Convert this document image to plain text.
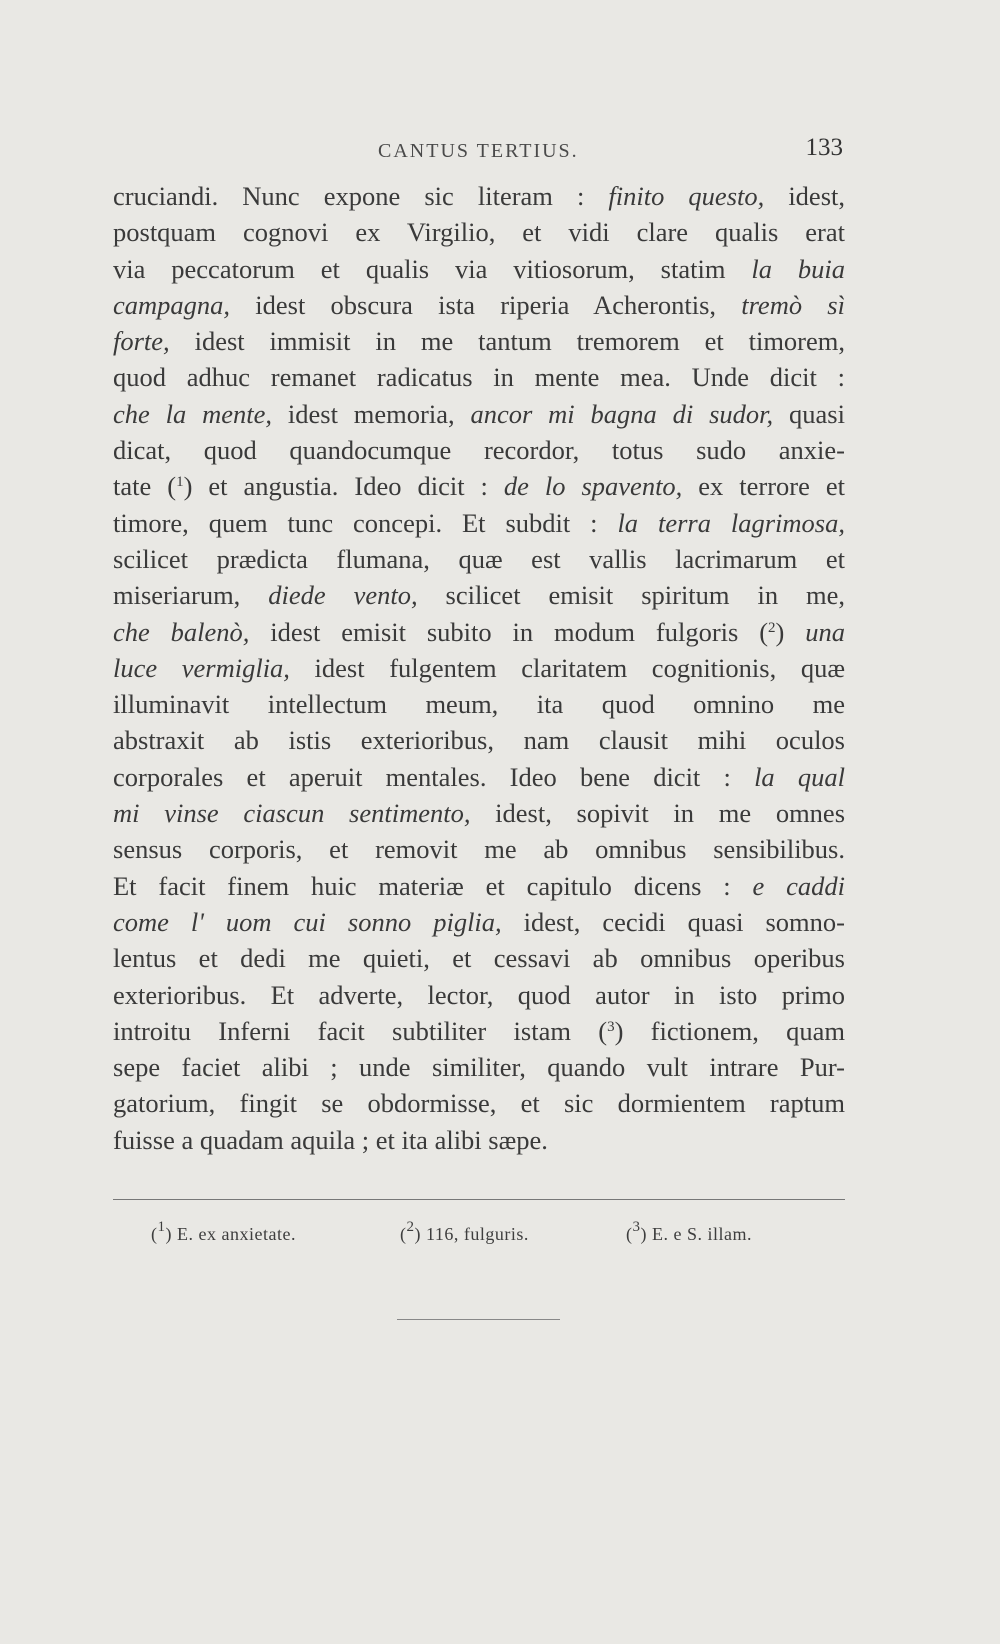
CANTUS TERTIUS.	133
cruciandi. Nunc expone sic literam : finito questo, idest,
postquam cognovi ex Virgilio, et vidi clare qualis erat
via peccatorum et qualis via vitiosorum, statim la buia
campagna, idest obscura ista riperia Acherontis, tremò sì
forte, idest immisit in me tantum tremorem et timorem,
quod adhuc remanet radicatus in mente mea. Unde dicit :
che la mente, idest memoria, ancor mi bagna di sudor, quasi
dicat, quod quandocumque recordor, totus sudo anxie-
tate ($^1$) et angustia. Ideo dicit : de lo spavento, ex terrore et
timore, quem tunc concepi. Et subdit : la terra lagrimosa,
scilicet prædicta flumana, quæ est vallis lacrimarum et
miseriarum, diede vento, scilicet emisit spiritum in me,
che balenò, idest emisit subito in modum fulgoris ($^2$) una
luce vermiglia, idest fulgentem claritatem cognitionis, quæ
illuminavit intellectum meum, ita quod omnino me
abstraxit ab istis exterioribus, nam clausit mihi oculos
corporales et aperuit mentales. Ideo bene dicit : la qual
mi vinse ciascun sentimento, idest, sopivit in me omnes
sensus corporis, et removit me ab omnibus sensibilibus.
Et facit finem huic materiæ et capitulo dicens : e caddi
come l' uom cui sonno piglia, idest, cecidi quasi somno-
lentus et dedi me quieti, et cessavi ab omnibus operibus
exterioribus. Et adverte, lector, quod autor in isto primo
introitu Inferni facit subtiliter istam ($^3$) fictionem, quam
sepe faciet alibi ; unde similiter, quando vult intrare Pur-
gatorium, fingit se obdormisse, et sic dormientem raptum
fuisse a quadam aquila ; et ita alibi sæpe.
($^1$) E. ex anxietate.	($^2$) 116, fulguris.	($^3$) E. e S. illam.
